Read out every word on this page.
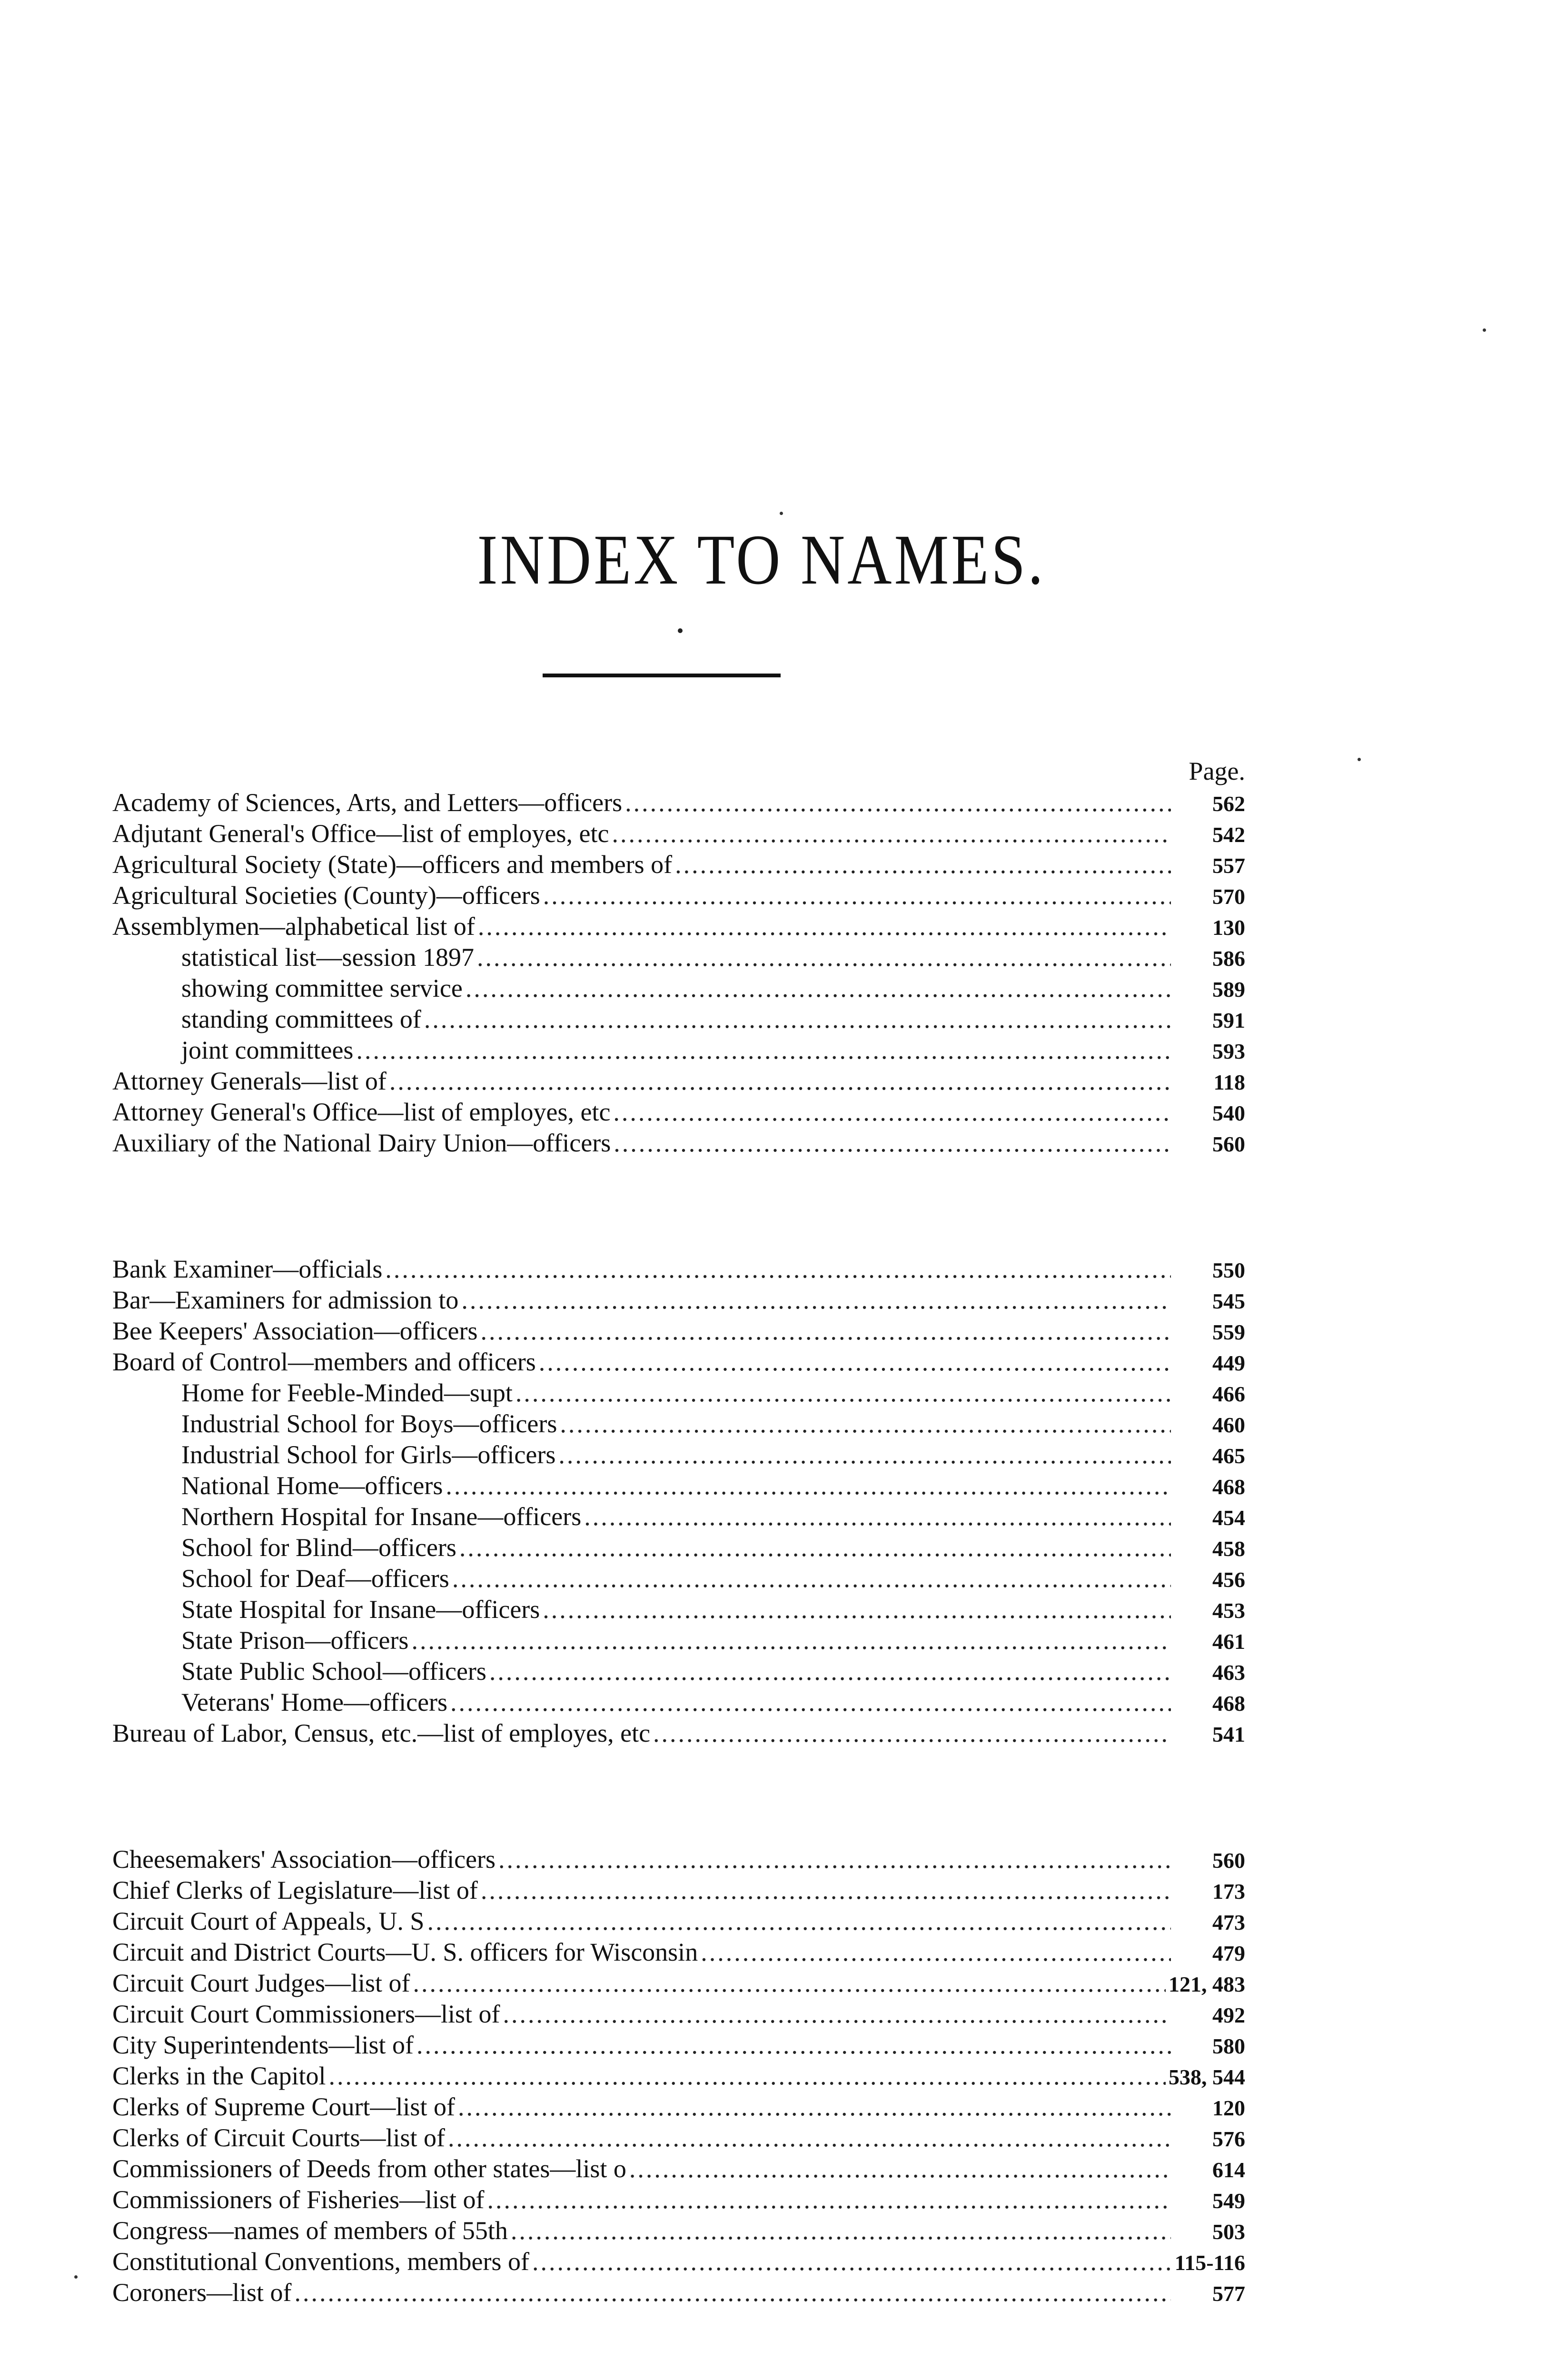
INDEX TO NAMES.
Page.
Academy of Sciences, Arts, and Letters—officers .....	562
Adjutant General's Office—list of employes, etc .....	542
Agricultural Society (State)—officers and members of .....	557
Agricultural Societies (County)—officers .....	570
Assemblymen—alphabetical list of .....	130
statistical list—session 1897 .....	586
showing committee service .....	589
standing committees of .....	591
joint committees .....	593
Attorney Generals—list of .....	118
Attorney General's Office—list of employes, etc .....	540
Auxiliary of the National Dairy Union—officers .....	560
Bank Examiner—officials .....	550
Bar—Examiners for admission to .....	545
Bee Keepers' Association—officers .....	559
Board of Control—members and officers .....	449
Home for Feeble-Minded—supt .....	466
Industrial School for Boys—officers .....	460
Industrial School for Girls—officers .....	465
National Home—officers .....	468
Northern Hospital for Insane—officers .....	454
School for Blind—officers .....	458
School for Deaf—officers .....	456
State Hospital for Insane—officers .....	453
State Prison—officers .....	461
State Public School—officers .....	463
Veterans' Home—officers .....	468
Bureau of Labor, Census, etc.—list of employes, etc .....	541
Cheesemakers' Association—officers .....	560
Chief Clerks of Legislature—list of .....	173
Circuit Court of Appeals, U. S .....	473
Circuit and District Courts—U. S. officers for Wisconsin .....	479
Circuit Court Judges—list of .....	121, 483
Circuit Court Commissioners—list of .....	492
City Superintendents—list of .....	580
Clerks in the Capitol .....	538, 544
Clerks of Supreme Court—list of .....	120
Clerks of Circuit Courts—list of .....	576
Commissioners of Deeds from other states—list o .....	614
Commissioners of Fisheries—list of .....	549
Congress—names of members of 55th .....	503
Constitutional Conventions, members of .....	115-116
Coroners—list of .....	577
